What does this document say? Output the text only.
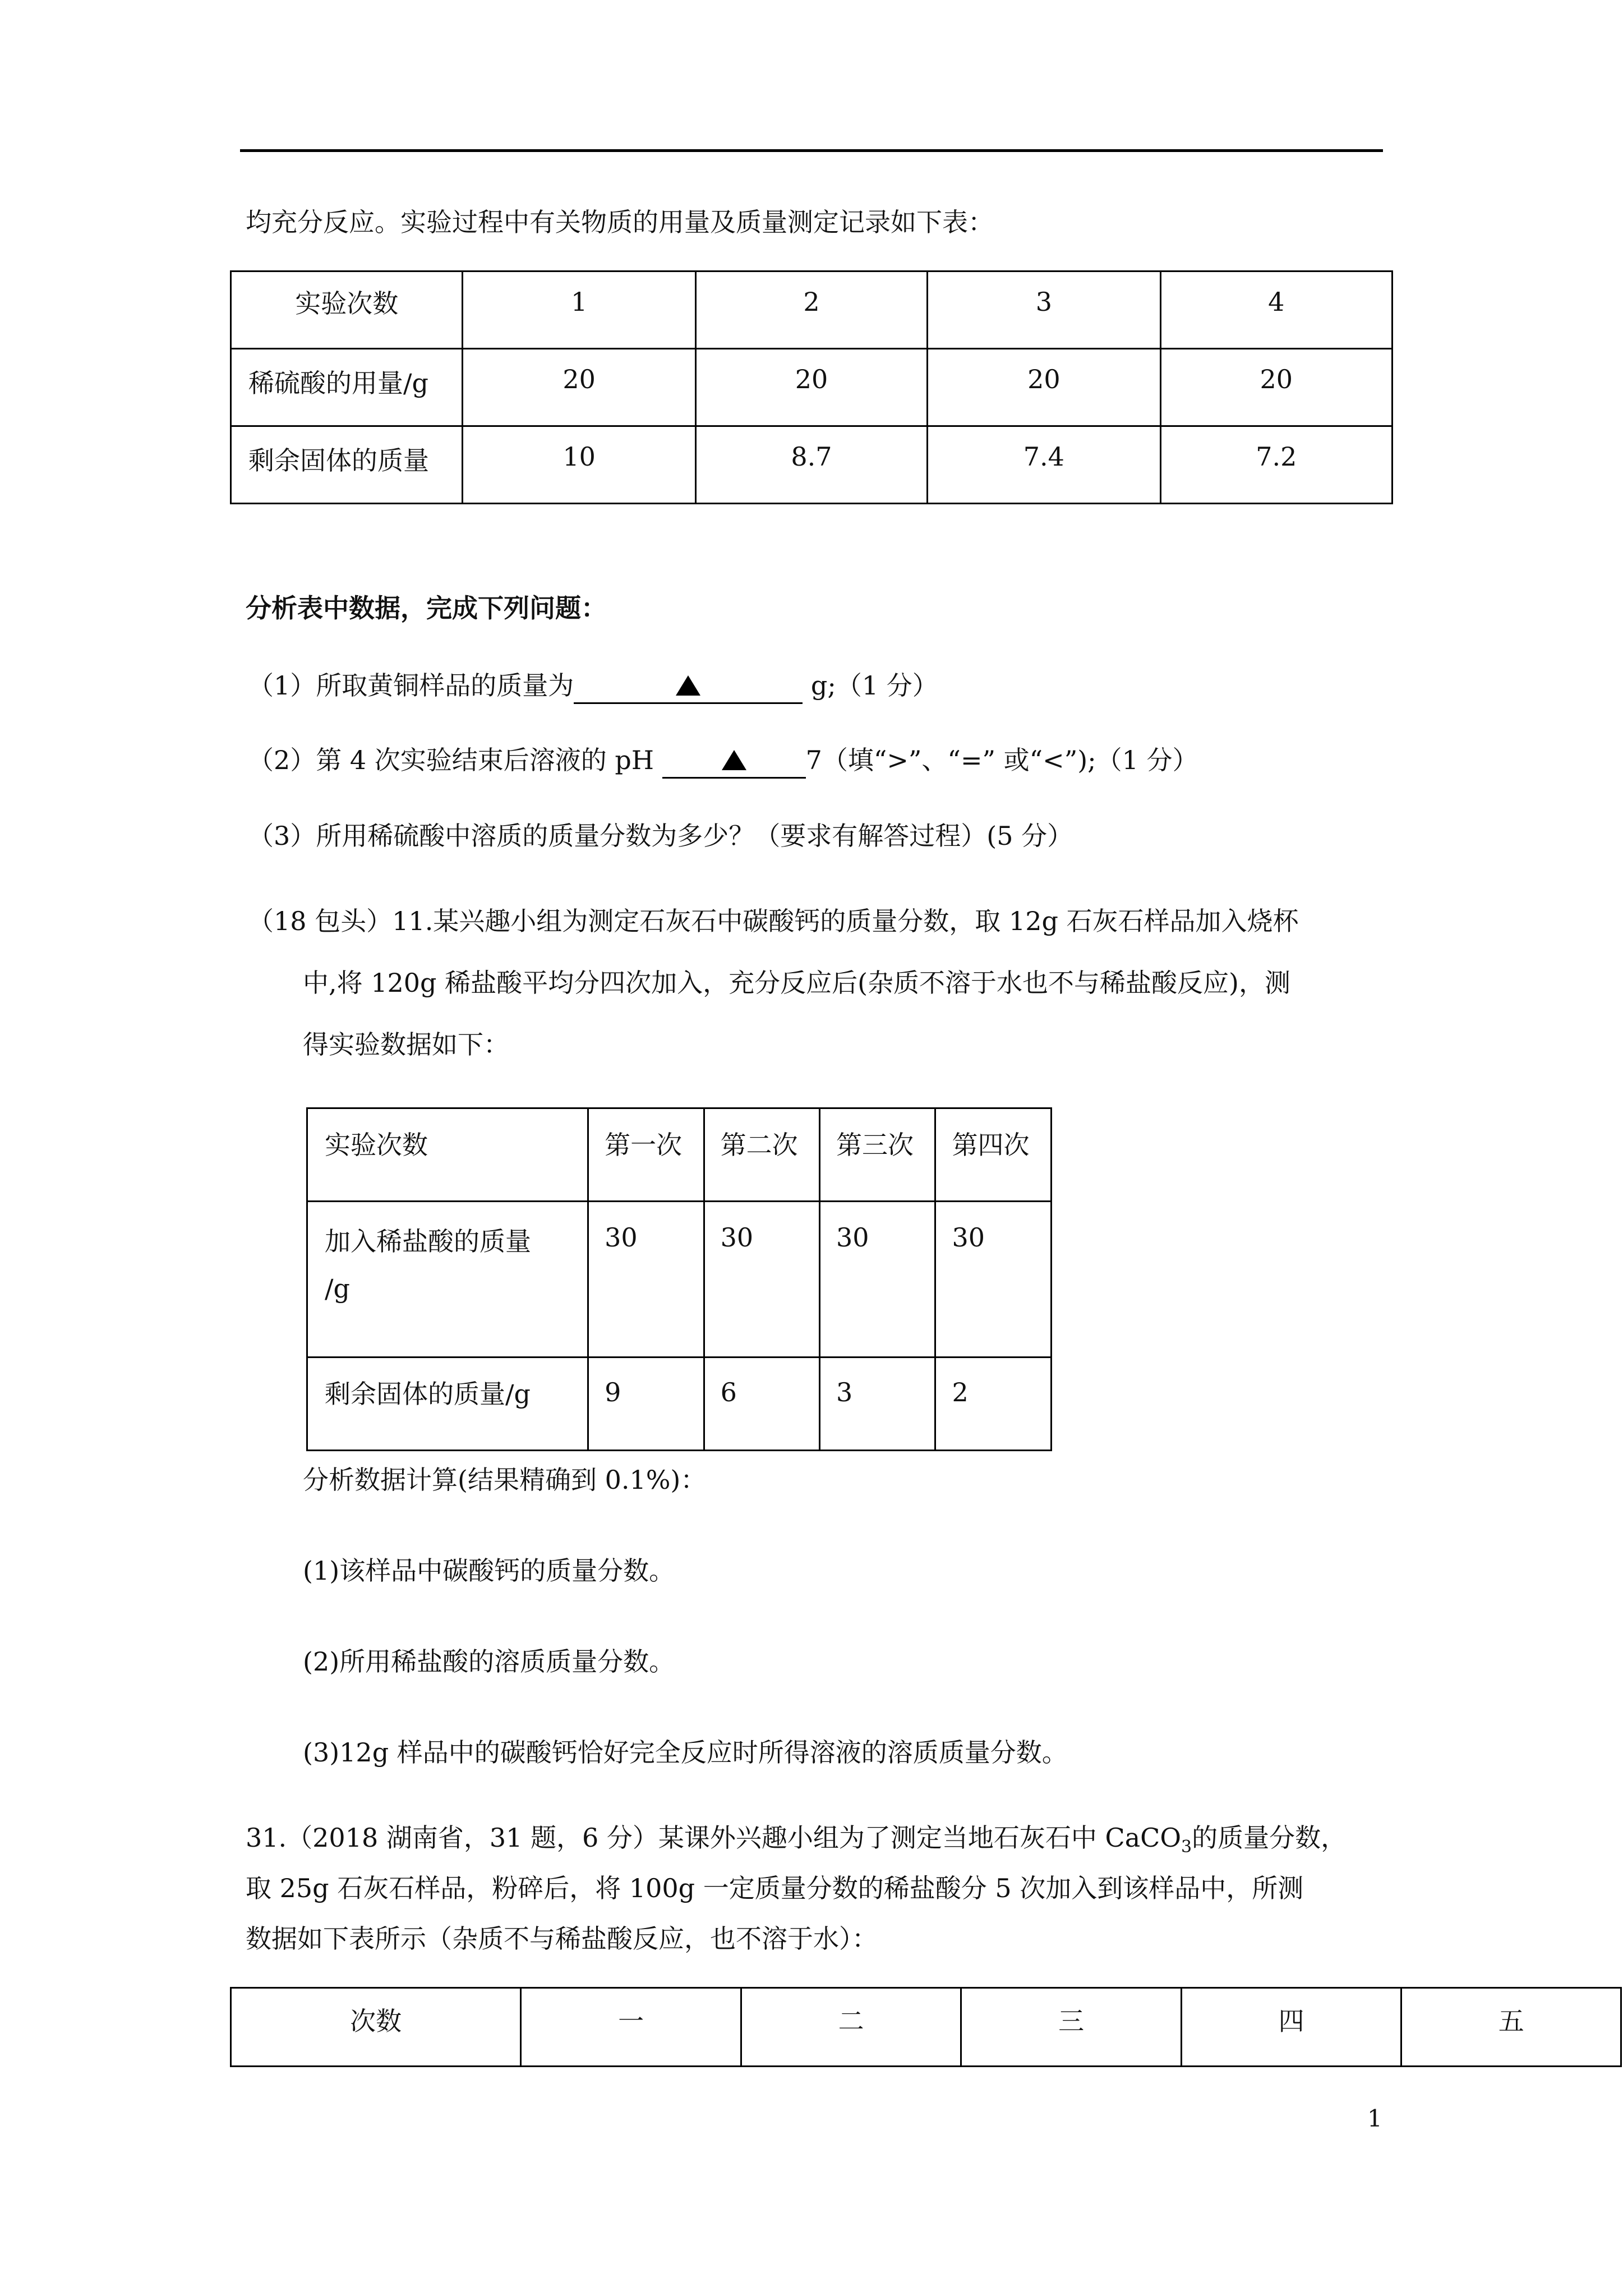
均充分反应。实验过程中有关物质的用量及质量测定记录如下表：
实验次数	1	2	3	4
稀硫酸的用量/g	20	20	20	20
剩余固体的质量	10	8.7	7.4	7.2
分析表中数据，完成下列问题：
（1）所取黄铜样品的质量为	g;（1 分）
（2）第 4 次实验结束后溶液的 pH	7（填“>”、“=” 或“<”);（1 分）
（3）所用稀硫酸中溶质的质量分数为多少？（要求有解答过程）(5 分）
（18 包头）11.某兴趣小组为测定石灰石中碳酸钙的质量分数，取 12g 石灰石样品加入烧杯
中,将 120g 稀盐酸平均分四次加入，充分反应后(杂质不溶于水也不与稀盐酸反应)，测
得实验数据如下：
实验次数	第一次	第二次	第三次	第四次

加入稀盐酸的质量
/g	30	30	30	30
剩余固体的质量/g	9	6	3	2
分析数据计算(结果精确到 0.1%)：
(1)该样品中碳酸钙的质量分数。
(2)所用稀盐酸的溶质质量分数。
(3)12g 样品中的碳酸钙恰好完全反应时所得溶液的溶质质量分数。
31.（2018 湖南省，31 题，6 分）某课外兴趣小组为了测定当地石灰石中 CaCO$_3$的质量分数，
取 25g 石灰石样品，粉碎后，将 100g 一定质量分数的稀盐酸分 5 次加入到该样品中，所测
数据如下表所示（杂质不与稀盐酸反应，也不溶于水）：
次数	一	二	三	四	五
1
